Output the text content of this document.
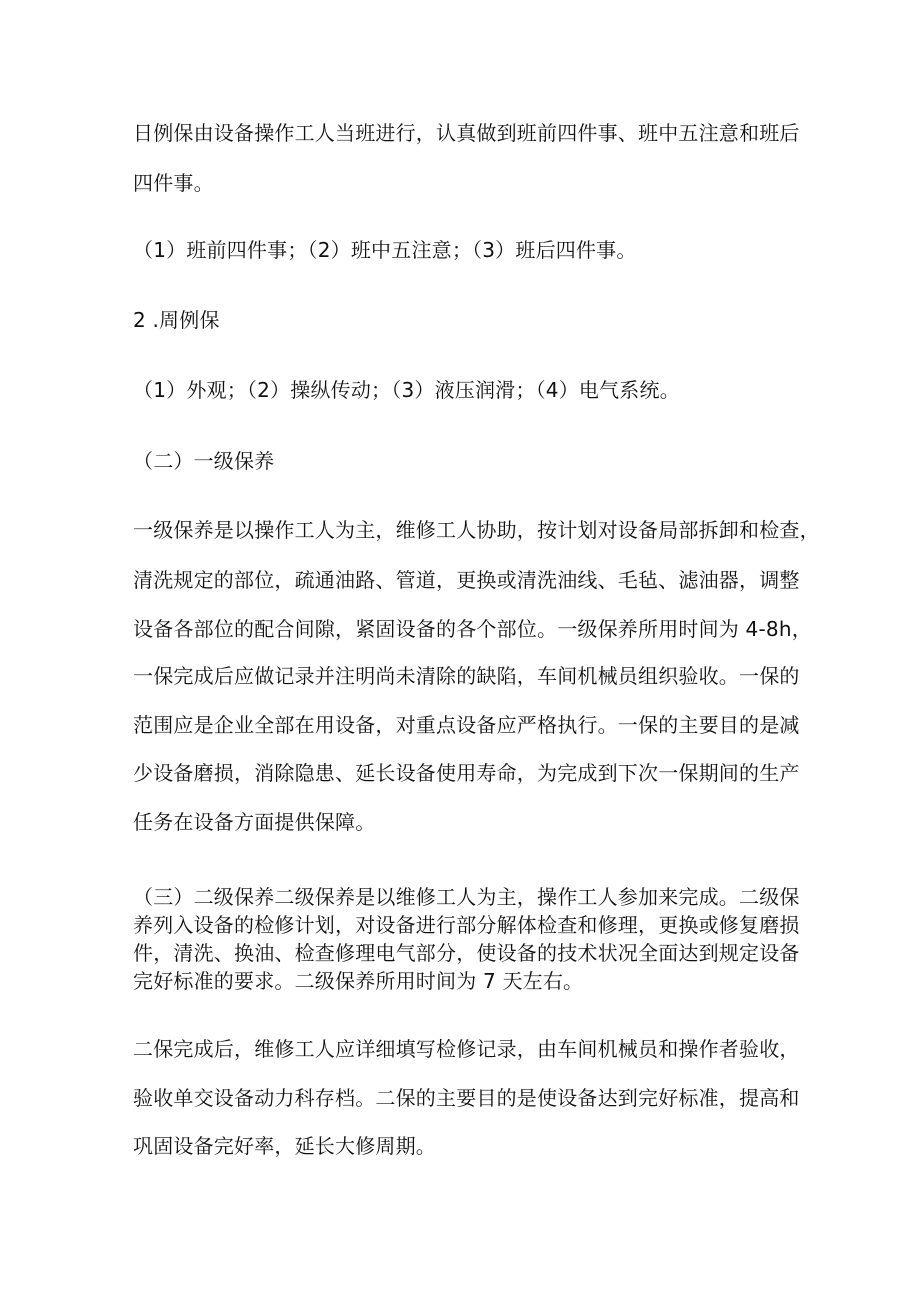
日例保由设备操作工人当班进行，认真做到班前四件事、班中五注意和班后
四件事。
（1）班前四件事；（2）班中五注意；（3）班后四件事。
2 .周例保
（1）外观；（2）操纵传动；（3）液压润滑；（4）电气系统。
（二）一级保养
一级保养是以操作工人为主，维修工人协助，按计划对设备局部拆卸和检查，
清洗规定的部位，疏通油路、管道，更换或清洗油线、毛毡、滤油器，调整
设备各部位的配合间隙，紧固设备的各个部位。一级保养所用时间为 4-8h，
一保完成后应做记录并注明尚未清除的缺陷，车间机械员组织验收。一保的
范围应是企业全部在用设备，对重点设备应严格执行。一保的主要目的是减
少设备磨损，消除隐患、延长设备使用寿命，为完成到下次一保期间的生产
任务在设备方面提供保障。
（三）二级保养二级保养是以维修工人为主，操作工人参加来完成。二级保
养列入设备的检修计划，对设备进行部分解体检查和修理，更换或修复磨损
件，清洗、换油、检查修理电气部分，使设备的技术状况全面达到规定设备
完好标准的要求。二级保养所用时间为 7 天左右。
二保完成后，维修工人应详细填写检修记录，由车间机械员和操作者验收，
验收单交设备动力科存档。二保的主要目的是使设备达到完好标准，提高和
巩固设备完好率，延长大修周期。
